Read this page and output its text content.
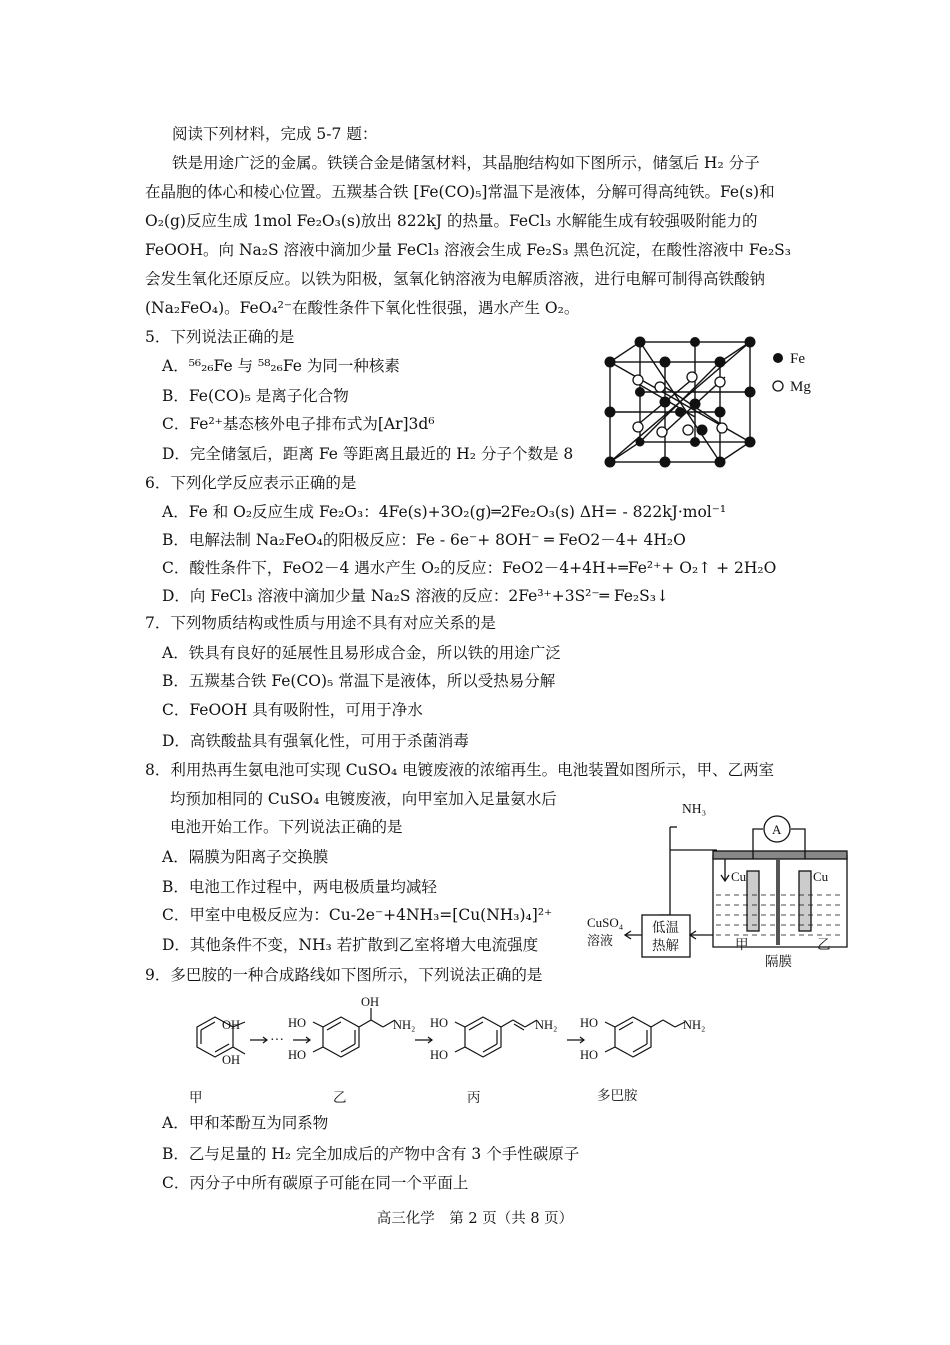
阅读下列材料，完成 5-7 题：
铁是用途广泛的金属。铁镁合金是储氢材料，其晶胞结构如下图所示，储氢后 H₂ 分子
在晶胞的体心和棱心位置。五羰基合铁 [Fe(CO)₅]常温下是液体，分解可得高纯铁。Fe(s)和
O₂(g)反应生成 1mol Fe₂O₃(s)放出 822kJ 的热量。FeCl₃ 水解能生成有较强吸附能力的
FeOOH。向 Na₂S 溶液中滴加少量 FeCl₃ 溶液会生成 Fe₂S₃ 黑色沉淀，在酸性溶液中 Fe₂S₃
会发生氧化还原反应。以铁为阳极，氢氧化钠溶液为电解质溶液，进行电解可制得高铁酸钠
(Na₂FeO₄)。FeO₄²⁻在酸性条件下氧化性很强，遇水产生 O₂。
5．下列说法正确的是
A．⁵⁶₂₆Fe 与 ⁵⁸₂₆Fe 为同一种核素
B．Fe(CO)₅ 是离子化合物
C．Fe²⁺基态核外电子排布式为[Ar]3d⁶
D．完全储氢后，距离 Fe 等距离且最近的 H₂ 分子个数是 8
Fe
Mg
6．下列化学反应表示正确的是
A．Fe 和 O₂反应生成 Fe₂O₃：4Fe(s)+3O₂(g)═2Fe₂O₃(s) ΔH= - 822kJ·mol⁻¹
B．电解法制 Na₂FeO₄的阳极反应：Fe - 6e⁻+ 8OH⁻ ═ FeO2－4+ 4H₂O
C．酸性条件下，FeO2－4 遇水产生 O₂的反应：FeO2－4+4H+═Fe²⁺+ O₂↑ + 2H₂O
D．向 FeCl₃ 溶液中滴加少量 Na₂S 溶液的反应：2Fe³⁺+3S²⁻═ Fe₂S₃↓
7．下列物质结构或性质与用途不具有对应关系的是
A．铁具有良好的延展性且易形成合金，所以铁的用途广泛
B．五羰基合铁 Fe(CO)₅ 常温下是液体，所以受热易分解
C．FeOOH 具有吸附性，可用于净水
D．高铁酸盐具有强氧化性，可用于杀菌消毒
8．利用热再生氨电池可实现 CuSO₄ 电镀废液的浓缩再生。电池装置如图所示，甲、乙两室
均预加相同的 CuSO₄ 电镀废液，向甲室加入足量氨水后
电池开始工作。下列说法正确的是
A．隔膜为阳离子交换膜
B．电池工作过程中，两电极质量均减轻
C．甲室中电极反应为：Cu-2e⁻+4NH₃=[Cu(NH₃)₄]²⁺
D．其他条件不变，NH₃ 若扩散到乙室将增大电流强度
NH₃
A
Cu	Cu
CuSO₄
溶液
低温
热解	甲	乙
隔膜
9．多巴胺的一种合成路线如下图所示，下列说法正确的是
OH
OH
···
HO
HO
OH
NH₂ HO
HO
NH₂ HO
HO
NH₂
甲	乙	丙	多巴胺
A．甲和苯酚互为同系物
B．乙与足量的 H₂ 完全加成后的产物中含有 3 个手性碳原子
C．丙分子中所有碳原子可能在同一个平面上
高三化学　第 2 页（共 8 页）
